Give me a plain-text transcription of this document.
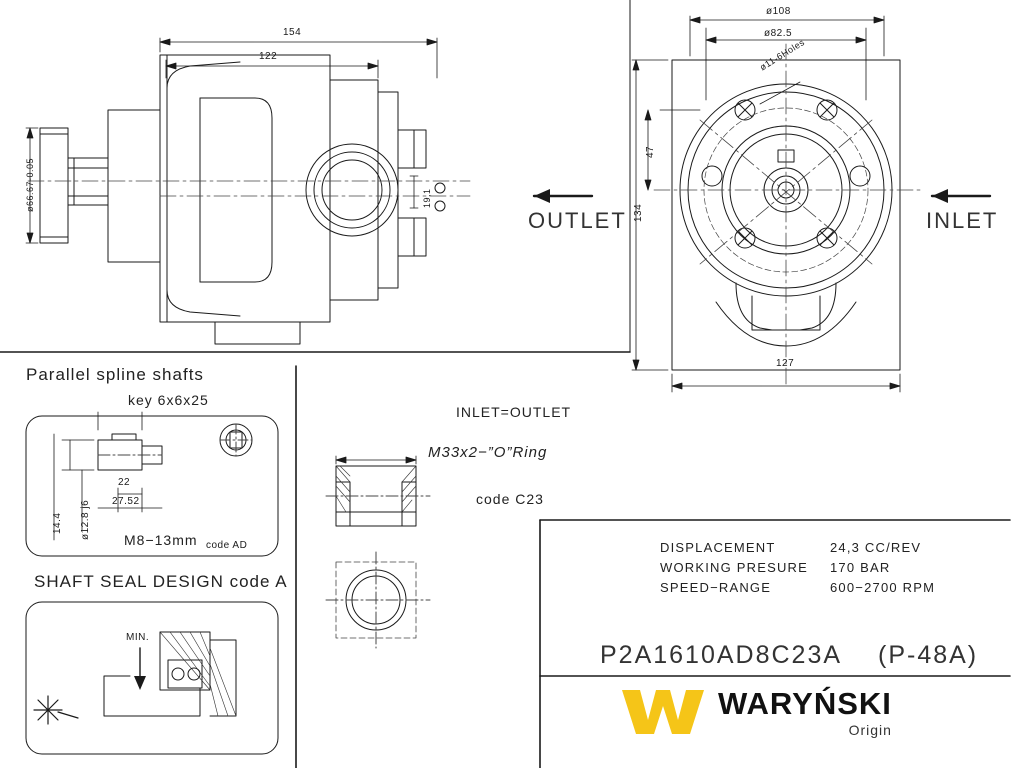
154
122
ø66.67-0.05	19,1
OUTLET	INLET
ø108
ø82.5
ø11-6Holes
47
134
127
Parallel spline shafts
key 6x6x25
14.4 ø12.8 j6
22
27.52
M8−13mm code AD
SHAFT SEAL DESIGN code A
MIN.
INLET=OUTLET
M33x2−”O”Ring
code C23
DISPLACEMENT	24,3 CC/REV
WORKING PRESURE	170 BAR
SPEED−RANGE	600−2700 RPM
P2A1610AD8C23A (P-48A)
WARYŃSKI
Origin
